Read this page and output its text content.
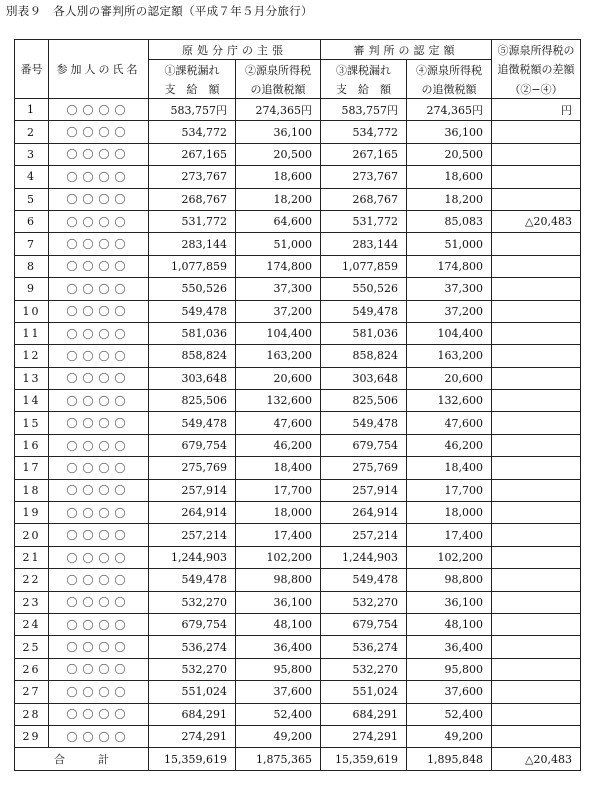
別表９　各人別の審判所の認定額（平成７年５月分旅行）
		原処分庁の主張		審判所の認定額		⑤源泉所得税の
番号	参加人の氏名	①課税漏れ	②源泉所得税	③課税漏れ	④源泉所得税	追徴税額の差額
		支　給　額	の追徴税額	支　給　額	の追徴税額	（②−④）
1	〇〇〇〇	583,757円	274,365円	583,757円	274,365円	円
2	〇〇〇〇	534,772	36,100	534,772	36,100	
3	〇〇〇〇	267,165	20,500	267,165	20,500	
4	〇〇〇〇	273,767	18,600	273,767	18,600	
5	〇〇〇〇	268,767	18,200	268,767	18,200	
6	〇〇〇〇	531,772	64,600	531,772	85,083	△20,483
7	〇〇〇〇	283,144	51,000	283,144	51,000	
8	〇〇〇〇	1,077,859	174,800	1,077,859	174,800	
9	〇〇〇〇	550,526	37,300	550,526	37,300	
10	〇〇〇〇	549,478	37,200	549,478	37,200	
11	〇〇〇〇	581,036	104,400	581,036	104,400	
12	〇〇〇〇	858,824	163,200	858,824	163,200	
13	〇〇〇〇	303,648	20,600	303,648	20,600	
14	〇〇〇〇	825,506	132,600	825,506	132,600	
15	〇〇〇〇	549,478	47,600	549,478	47,600	
16	〇〇〇〇	679,754	46,200	679,754	46,200	
17	〇〇〇〇	275,769	18,400	275,769	18,400	
18	〇〇〇〇	257,914	17,700	257,914	17,700	
19	〇〇〇〇	264,914	18,000	264,914	18,000	
20	〇〇〇〇	257,214	17,400	257,214	17,400	
21	〇〇〇〇	1,244,903	102,200	1,244,903	102,200	
22	〇〇〇〇	549,478	98,800	549,478	98,800	
23	〇〇〇〇	532,270	36,100	532,270	36,100	
24	〇〇〇〇	679,754	48,100	679,754	48,100	
25	〇〇〇〇	536,274	36,400	536,274	36,400	
26	〇〇〇〇	532,270	95,800	532,270	95,800	
27	〇〇〇〇	551,024	37,600	551,024	37,600	
28	〇〇〇〇	684,291	52,400	684,291	52,400	
29	〇〇〇〇	274,291	49,200	274,291	49,200	
合　　　計		15,359,619	1,875,365	15,359,619	1,895,848	△20,483
